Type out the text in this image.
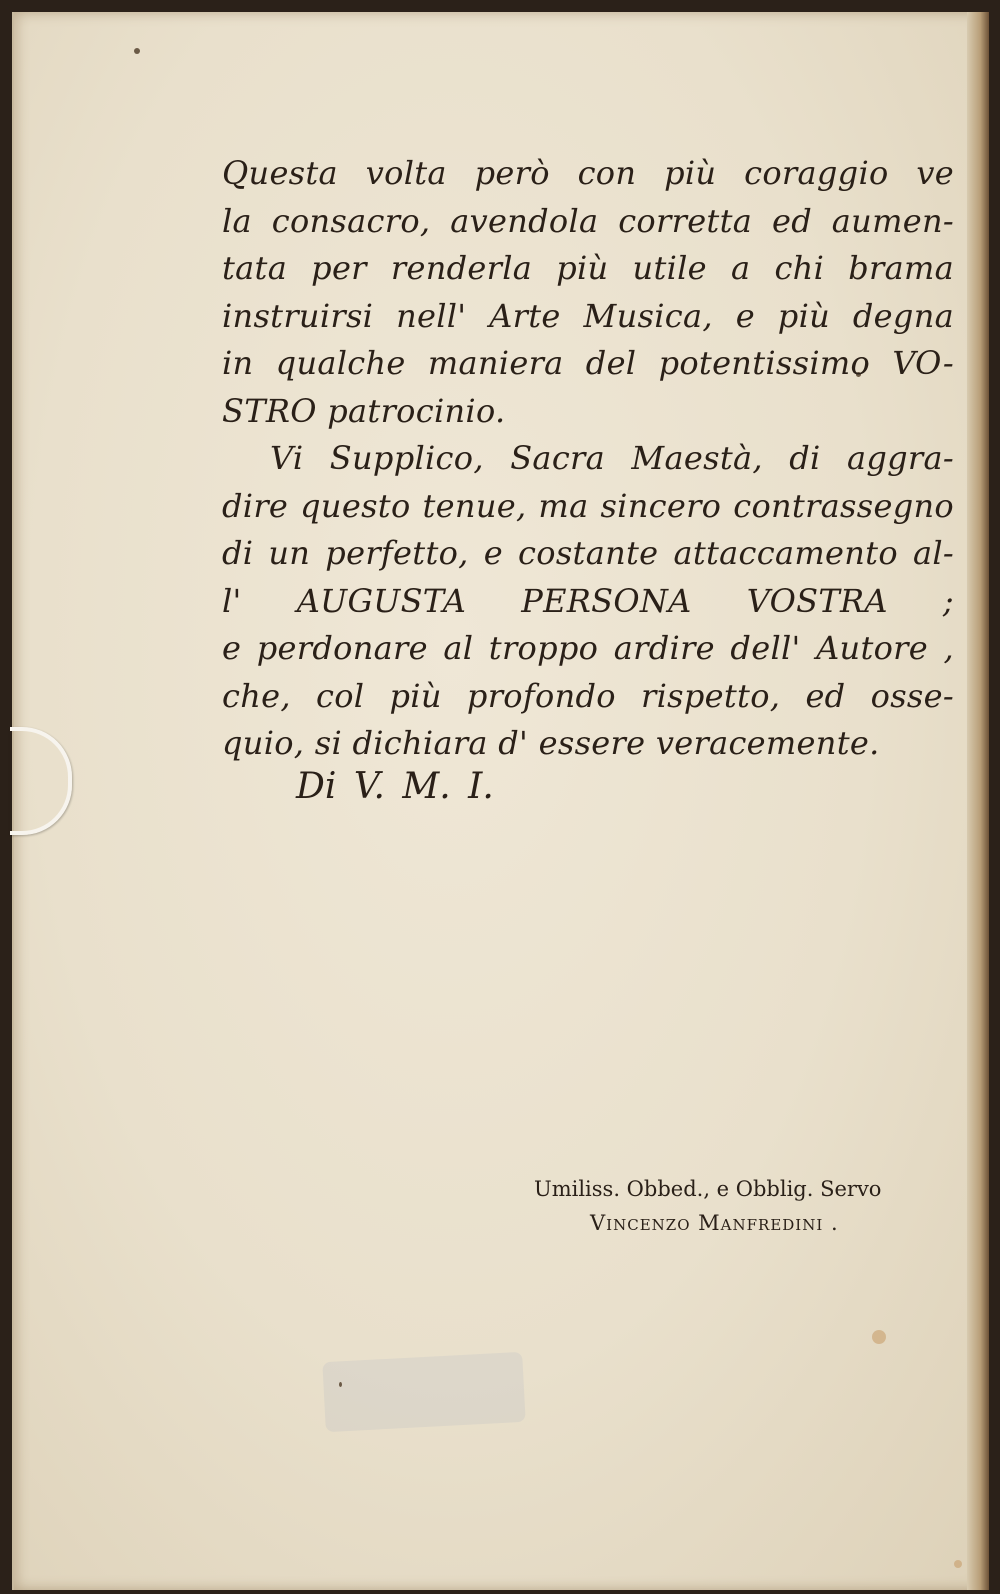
Questa volta però con più coraggio ve
la consacro, avendola corretta ed aumen-
tata per renderla più utile a chi brama
instruirsi nell' Arte Musica, e più degna
in qualche maniera del potentissimo VO-
STRO patrocinio.
Vi Supplico, Sacra Maestà, di aggra-
dire questo tenue, ma sincero contrassegno
di un perfetto, e costante attaccamento al-
l' AUGUSTA PERSONA VOSTRA ;
e perdonare al troppo ardire dell' Autore ,
che, col più profondo rispetto, ed osse-
quio, si dichiara d' essere veracemente.
Di V. M. I.
Umiliss. Obbed., e Obblig. Servo
Vincenzo Manfredini .
